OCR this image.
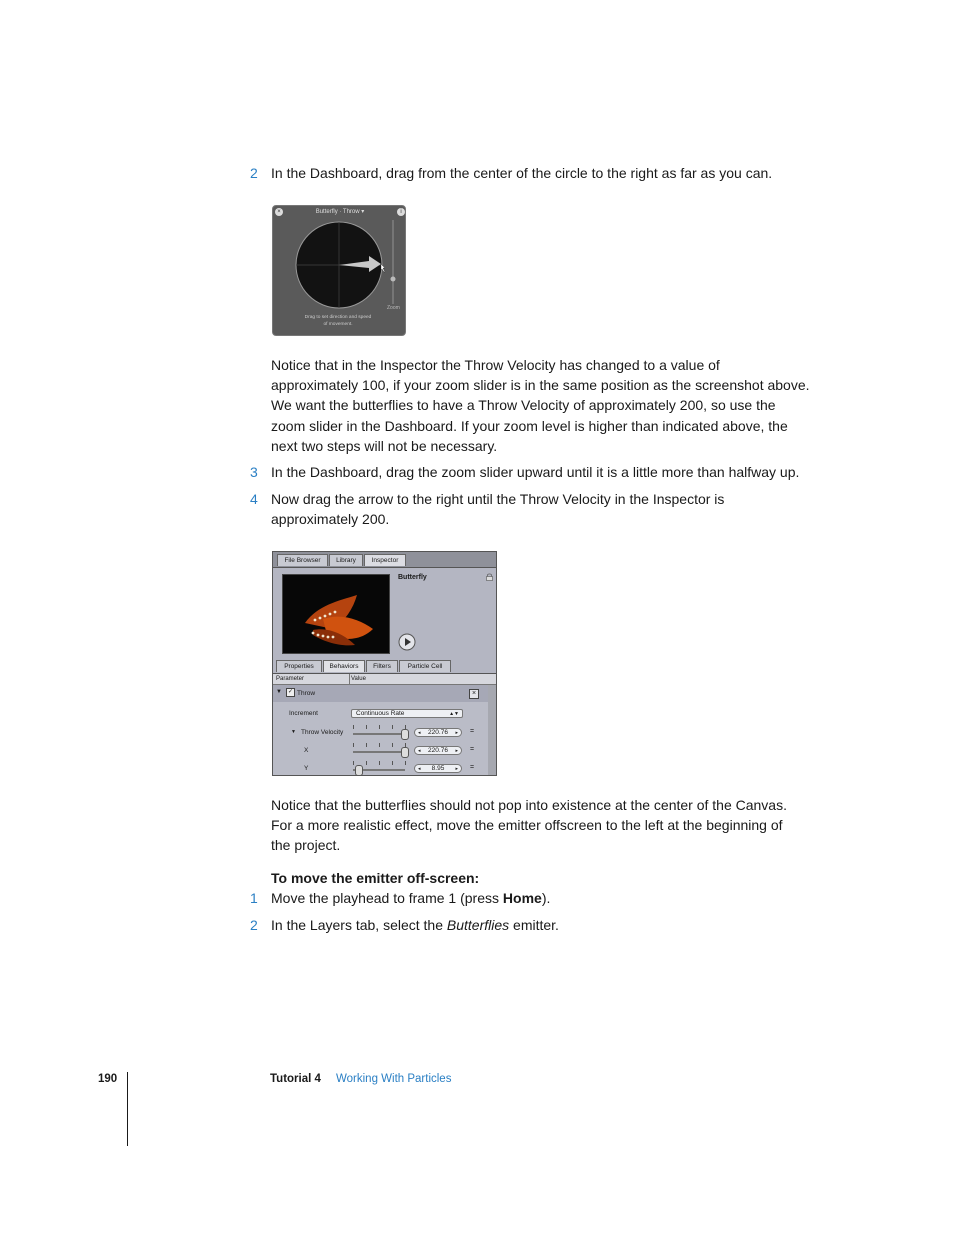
2 In the Dashboard, drag from the center of the circle to the right as far as you can.
×	Butterfly · Throw ▾	i
Zoom
Drag to set direction and speed
of movement.
Notice that in the Inspector the Throw Velocity has changed to a value of
approximately 100, if your zoom slider is in the same position as the screenshot above.
We want the butterflies to have a Throw Velocity of approximately 200, so use the
zoom slider in the Dashboard. If your zoom level is higher than indicated above, the
next two steps will not be necessary.
3 In the Dashboard, drag the zoom slider upward until it is a little more than halfway up.
4 Now drag the arrow to the right until the Throw Velocity in the Inspector is
approximately 200.
File Browser	Library	Inspector
Butterfly
Properties	Behaviors	Filters	Particle Cell
Parameter	Value
▼	✓ Throw	×
Increment	Continuous Rate	▲▼
▼ Throw Velocity	◂ 220.76 ▸ =
X	◂ 220.76 ▸ =
Y	◂ 8.95 ▸ =
Notice that the butterflies should not pop into existence at the center of the Canvas.
For a more realistic effect, move the emitter offscreen to the left at the beginning of
the project.
To move the emitter off-screen:
1 Move the playhead to frame 1 (press Home).
2 In the Layers tab, select the Butterflies emitter.
190	Tutorial 4 Working With Particles
